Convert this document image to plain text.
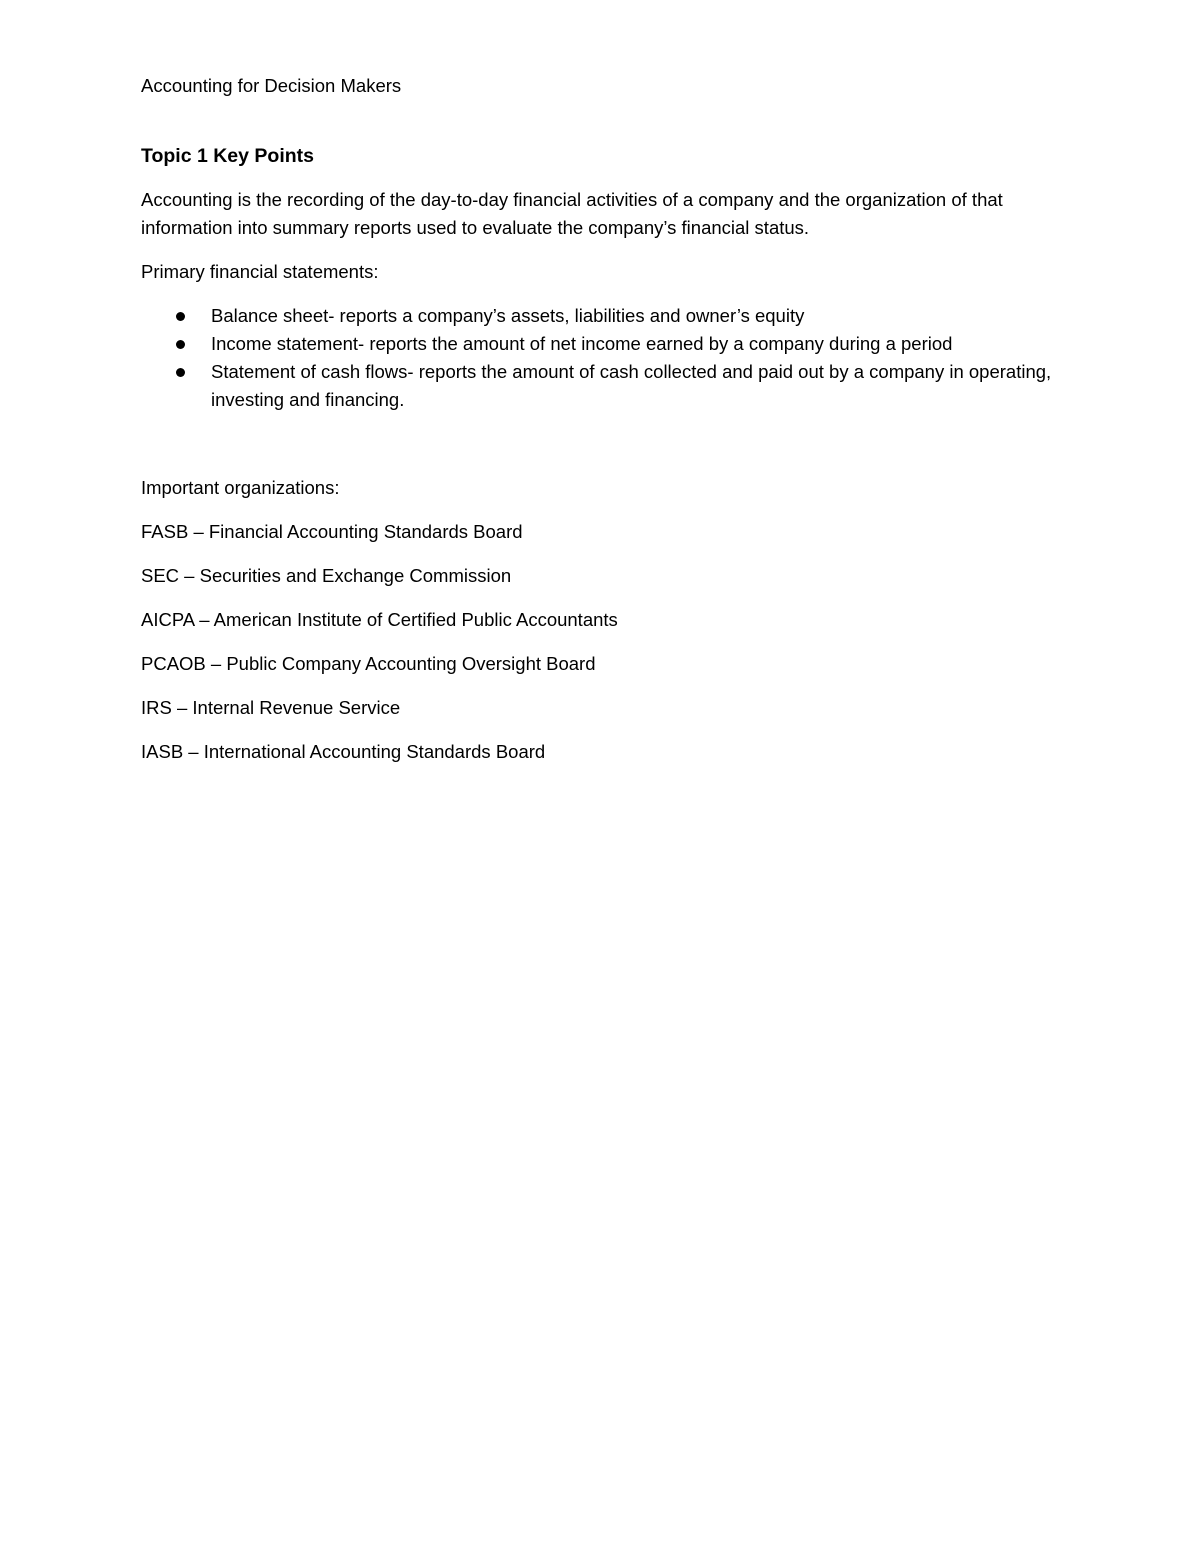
Accounting for Decision Makers

Topic 1 Key Points

Accounting is the recording of the day-to-day financial activities of a company and the organization of that information into summary reports used to evaluate the company’s financial status.

Primary financial statements:

Balance sheet- reports a company’s assets, liabilities and owner’s equity
Income statement- reports the amount of net income earned by a company during a period
Statement of cash flows- reports the amount of cash collected and paid out by a company in operating, investing and financing.

Important organizations:

FASB – Financial Accounting Standards Board

SEC – Securities and Exchange Commission

AICPA – American Institute of Certified Public Accountants

PCAOB – Public Company Accounting Oversight Board

IRS – Internal Revenue Service

IASB – International Accounting Standards Board
